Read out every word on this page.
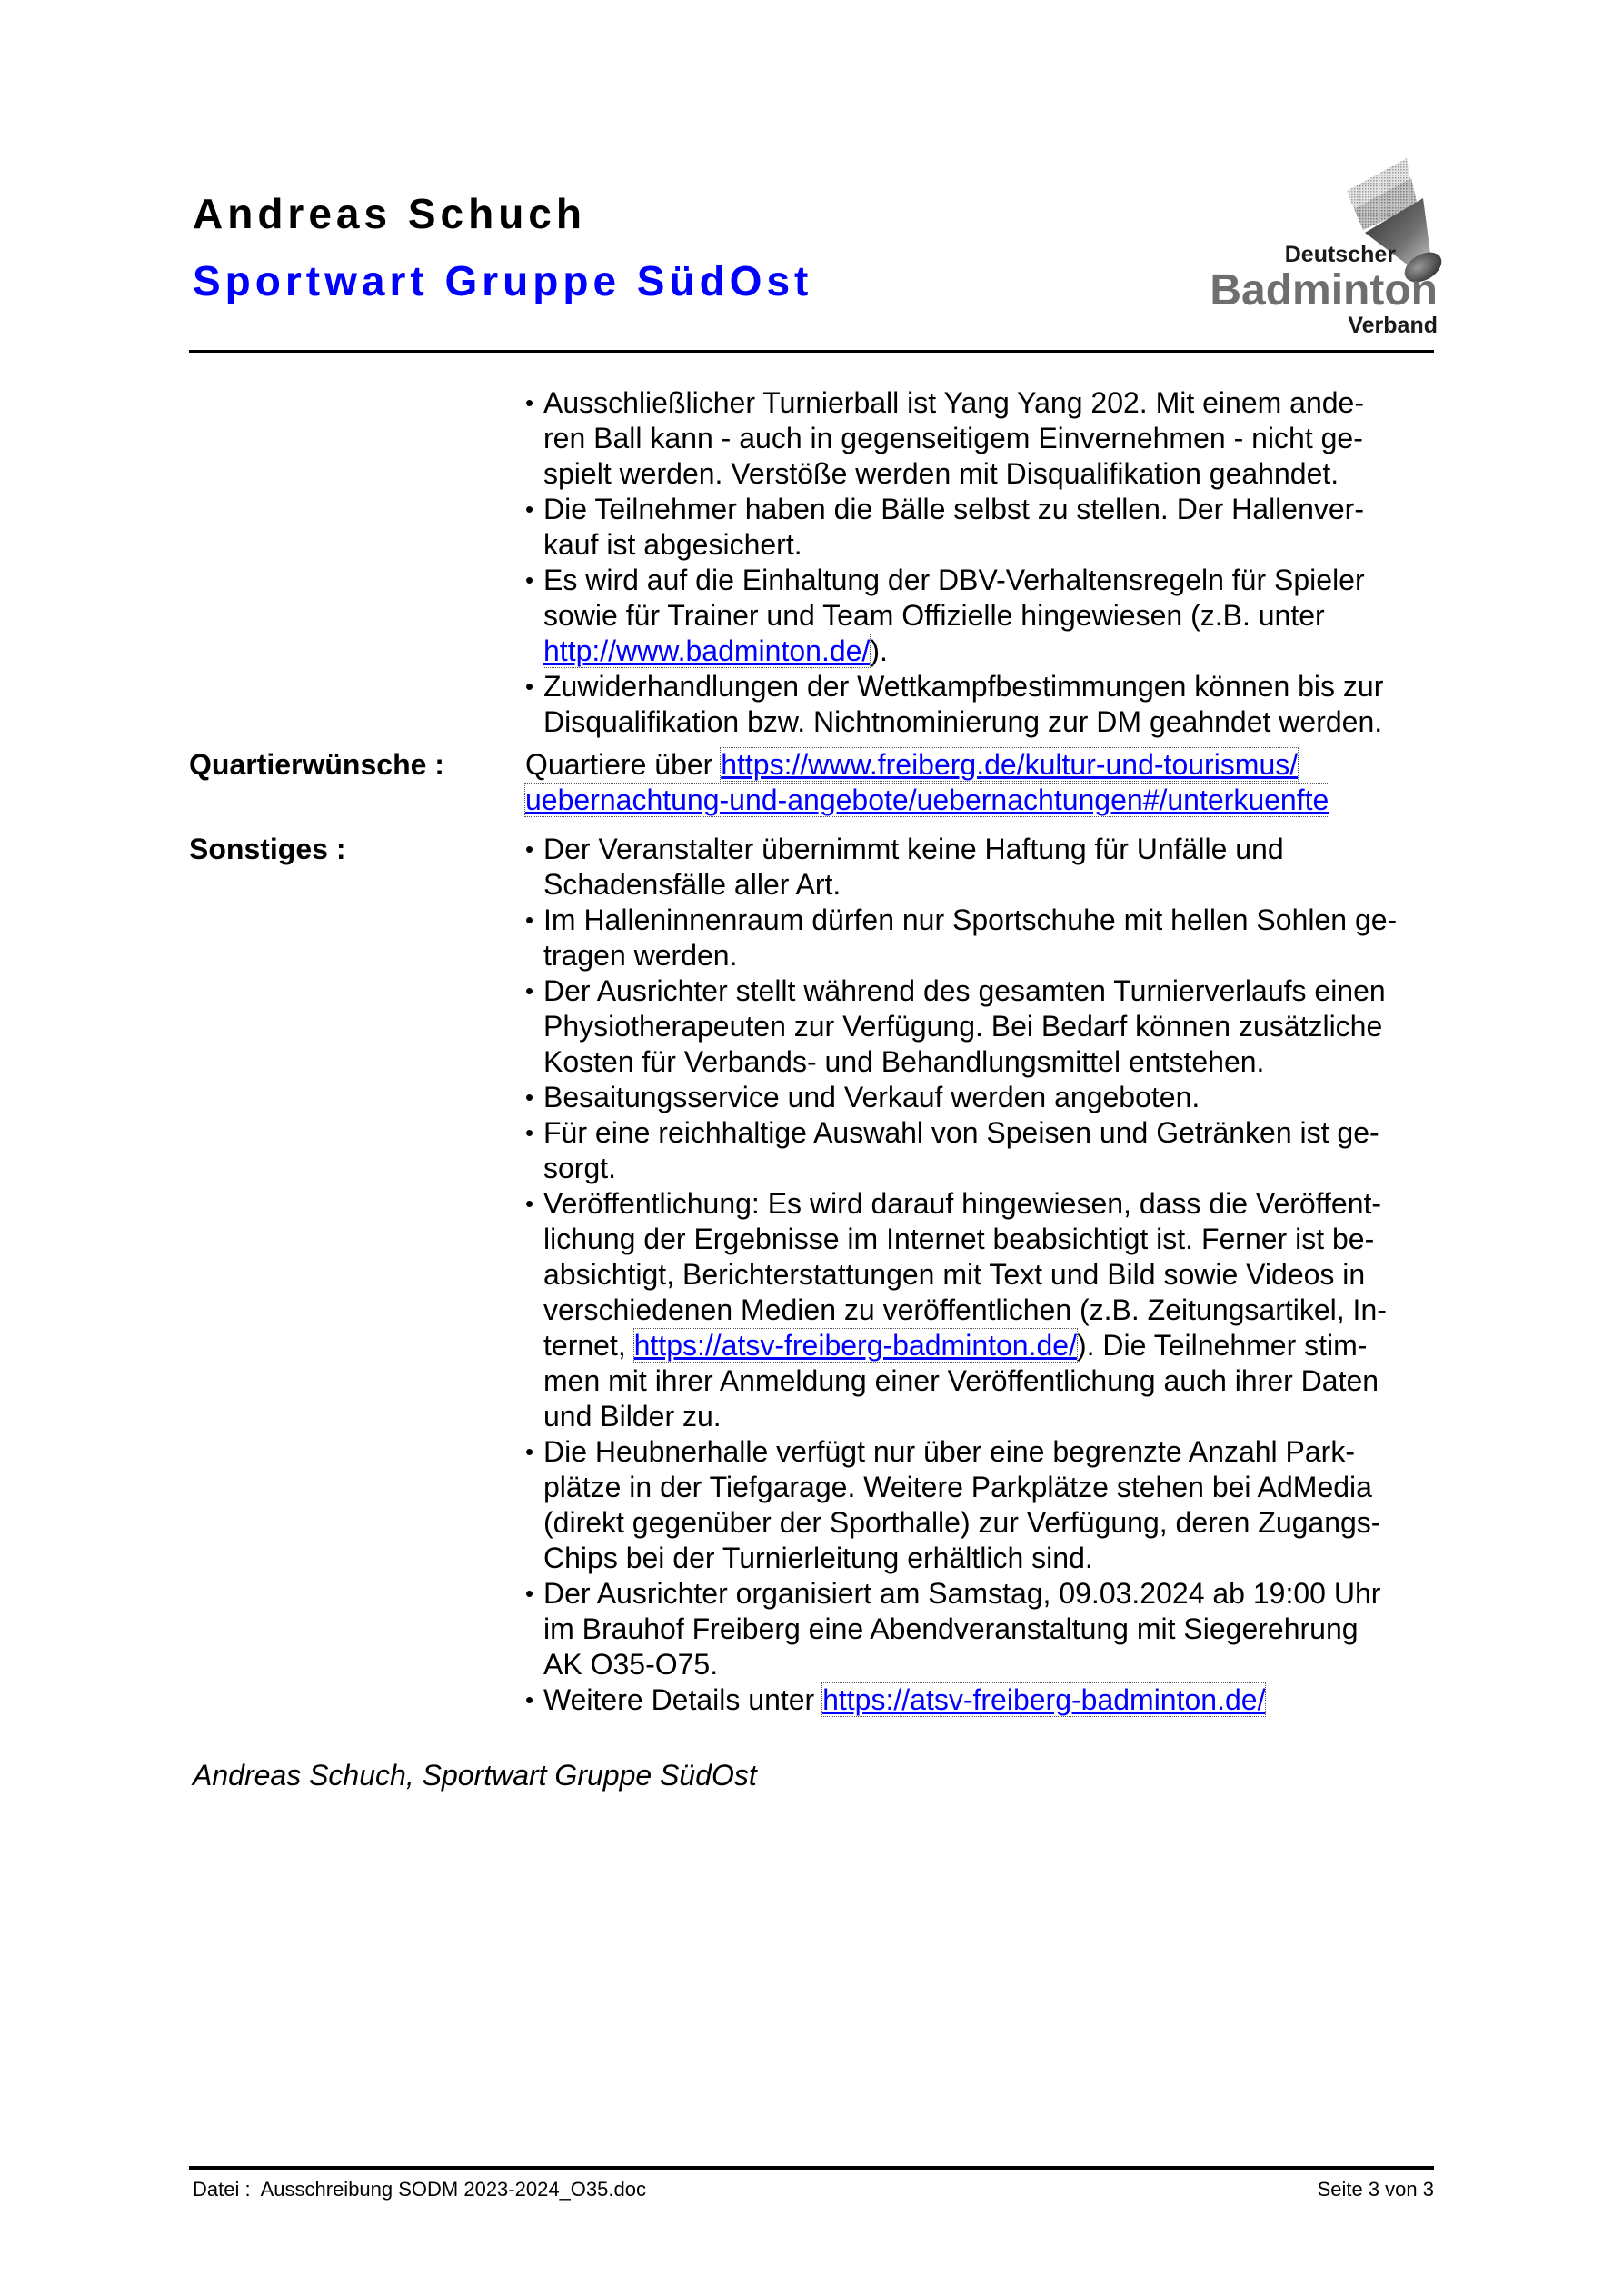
Andreas Schuch
Sportwart Gruppe SüdOst
Deutscher
Badminton
Verband
• Ausschließlicher Turnierball ist Yang Yang 202. Mit einem ande-
ren Ball kann - auch in gegenseitigem Einvernehmen - nicht ge-
spielt werden. Verstöße werden mit Disqualifikation geahndet.
• Die Teilnehmer haben die Bälle selbst zu stellen. Der Hallenver-
kauf ist abgesichert.
• Es wird auf die Einhaltung der DBV-Verhaltensregeln für Spieler
sowie für Trainer und Team Offizielle hingewiesen (z.B. unter
http://www.badminton.de/).
• Zuwiderhandlungen der Wettkampfbestimmungen können bis zur
Disqualifikation bzw. Nichtnominierung zur DM geahndet werden.
Quartierwünsche :	Quartiere über https://www.freiberg.de/kultur-und-tourismus/
uebernachtung-und-angebote/uebernachtungen#/unterkuenfte
Sonstiges :	• Der Veranstalter übernimmt keine Haftung für Unfälle und
Schadensfälle aller Art.
• Im Halleninnenraum dürfen nur Sportschuhe mit hellen Sohlen ge-
tragen werden.
• Der Ausrichter stellt während des gesamten Turnierverlaufs einen
Physiotherapeuten zur Verfügung. Bei Bedarf können zusätzliche
Kosten für Verbands- und Behandlungsmittel entstehen.
• Besaitungsservice und Verkauf werden angeboten.
• Für eine reichhaltige Auswahl von Speisen und Getränken ist ge-
sorgt.
• Veröffentlichung: Es wird darauf hingewiesen, dass die Veröffent-
lichung der Ergebnisse im Internet beabsichtigt ist. Ferner ist be-
absichtigt, Berichterstattungen mit Text und Bild sowie Videos in
verschiedenen Medien zu veröffentlichen (z.B. Zeitungsartikel, In-
ternet, https://atsv-freiberg-badminton.de/). Die Teilnehmer stim-
men mit ihrer Anmeldung einer Veröffentlichung auch ihrer Daten
und Bilder zu.
• Die Heubnerhalle verfügt nur über eine begrenzte Anzahl Park-
plätze in der Tiefgarage. Weitere Parkplätze stehen bei AdMedia
(direkt gegenüber der Sporthalle) zur Verfügung, deren Zugangs-
Chips bei der Turnierleitung erhältlich sind.
• Der Ausrichter organisiert am Samstag, 09.03.2024 ab 19:00 Uhr
im Brauhof Freiberg eine Abendveranstaltung mit Siegerehrung
AK O35-O75.
• Weitere Details unter https://atsv-freiberg-badminton.de/
Andreas Schuch, Sportwart Gruppe SüdOst
Datei :  Ausschreibung SODM 2023-2024_O35.doc	Seite 3 von 3
